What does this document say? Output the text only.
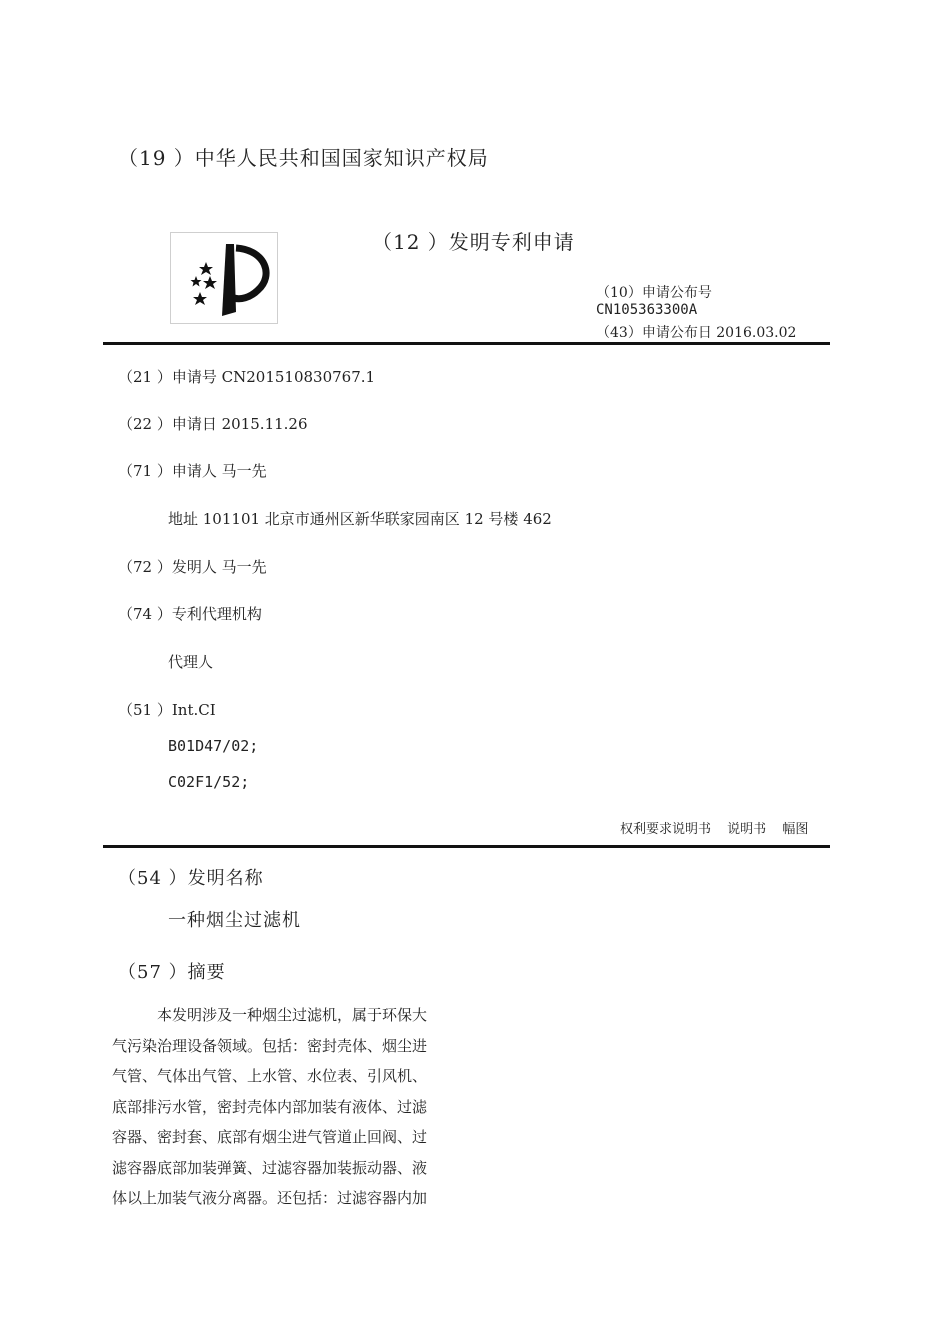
（19 ）中华人民共和国国家知识产权局
（12 ）发明专利申请
（10）申请公布号
CN105363300A
（43）申请公布日 2016.03.02
（21 ）申请号 CN201510830767.1
（22 ）申请日 2015.11.26
（71 ）申请人 马一先
地址 101101 北京市通州区新华联家园南区 12 号楼 462
（72 ）发明人 马一先
（74 ）专利代理机构
代理人
（51 ）Int.CI
B01D47/02;
C02F1/52;
权利要求说明书 说明书 幅图
（54 ）发明名称
一种烟尘过滤机
（57 ）摘要
　　　本发明涉及一种烟尘过滤机，属于环保大
气污染治理设备领域。包括：密封壳体、烟尘进
气管、气体出气管、上水管、水位表、引风机、
底部排污水管，密封壳体内部加装有液体、过滤
容器、密封套、底部有烟尘进气管道止回阀、过
滤容器底部加装弹簧、过滤容器加装振动器、液
体以上加装气液分离器。还包括：过滤容器内加
